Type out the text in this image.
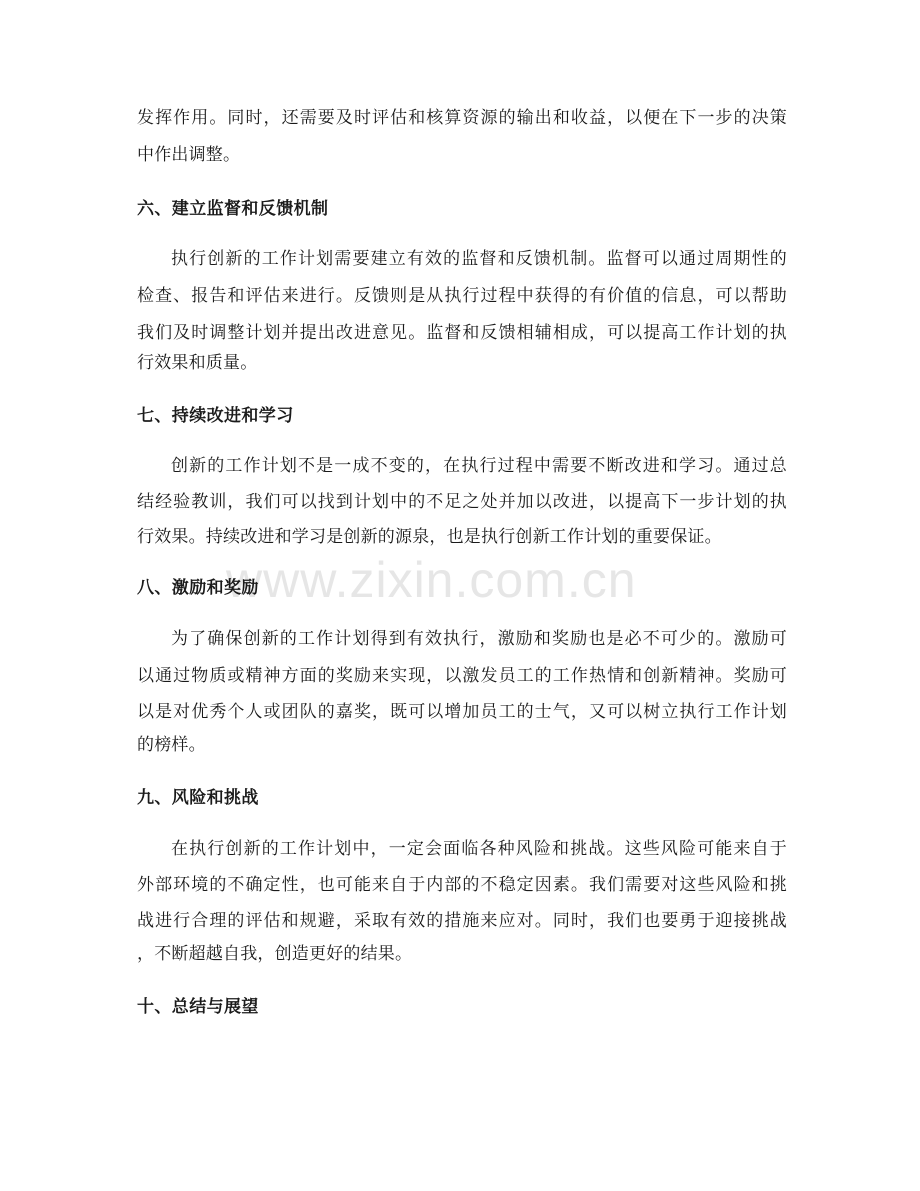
www.zixin.com.cn
发挥作用。同时，还需要及时评估和核算资源的输出和收益，以便在下一步的决策
中作出调整。
六、建立监督和反馈机制
执行创新的工作计划需要建立有效的监督和反馈机制。监督可以通过周期性的
检查、报告和评估来进行。反馈则是从执行过程中获得的有价值的信息，可以帮助
我们及时调整计划并提出改进意见。监督和反馈相辅相成，可以提高工作计划的执
行效果和质量。
七、持续改进和学习
创新的工作计划不是一成不变的，在执行过程中需要不断改进和学习。通过总
结经验教训，我们可以找到计划中的不足之处并加以改进，以提高下一步计划的执
行效果。持续改进和学习是创新的源泉，也是执行创新工作计划的重要保证。
八、激励和奖励
为了确保创新的工作计划得到有效执行，激励和奖励也是必不可少的。激励可
以通过物质或精神方面的奖励来实现，以激发员工的工作热情和创新精神。奖励可
以是对优秀个人或团队的嘉奖，既可以增加员工的士气，又可以树立执行工作计划
的榜样。
九、风险和挑战
在执行创新的工作计划中，一定会面临各种风险和挑战。这些风险可能来自于
外部环境的不确定性，也可能来自于内部的不稳定因素。我们需要对这些风险和挑
战进行合理的评估和规避，采取有效的措施来应对。同时，我们也要勇于迎接挑战
，不断超越自我，创造更好的结果。
十、总结与展望
